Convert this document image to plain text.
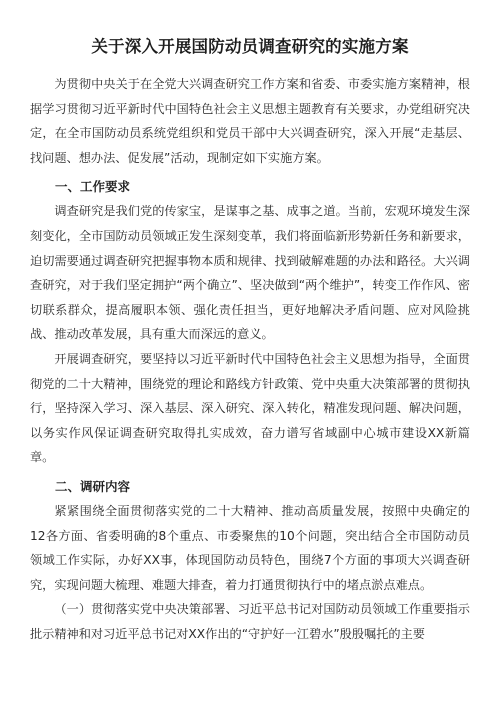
关于深入开展国防动员调查研究的实施方案

为贯彻中央关于在全党大兴调查研究工作方案和省委、市委实施方案精神，根据学习贯彻习近平新时代中国特色社会主义思想主题教育有关要求，办党组研究决定，在全市国防动员系统党组织和党员干部中大兴调查研究，深入开展“走基层、找问题、想办法、促发展”活动，现制定如下实施方案。

一、工作要求

调查研究是我们党的传家宝，是谋事之基、成事之道。当前，宏观环境发生深刻变化，全市国防动员领域正发生深刻变革，我们将面临新形势新任务和新要求，迫切需要通过调查研究把握事物本质和规律、找到破解难题的办法和路径。大兴调查研究，对于我们坚定拥护“两个确立”、坚决做到“两个维护”，转变工作作风、密切联系群众，提高履职本领、强化责任担当，更好地解决矛盾问题、应对风险挑战、推动改革发展，具有重大而深远的意义。

开展调查研究，要坚持以习近平新时代中国特色社会主义思想为指导，全面贯彻党的二十大精神，围绕党的理论和路线方针政策、党中央重大决策部署的贯彻执行，坚持深入学习、深入基层、深入研究、深入转化，精准发现问题、解决问题，以务实作风保证调查研究取得扎实成效，奋力谱写省域副中心城市建设XX新篇章。

二、调研内容

紧紧围绕全面贯彻落实党的二十大精神、推动高质量发展，按照中央确定的12各方面、省委明确的8个重点、市委聚焦的10个问题，突出结合全市国防动员领域工作实际，办好XX事，体现国防动员特色，围绕7个方面的事项大兴调查研究，实现问题大梳理、难题大排查，着力打通贯彻执行中的堵点淤点难点。

（一）贯彻落实党中央决策部署、习近平总书记对国防动员领域工作重要指示批示精神和对习近平总书记对XX作出的“守护好一江碧水”殷殷嘱托的主要
